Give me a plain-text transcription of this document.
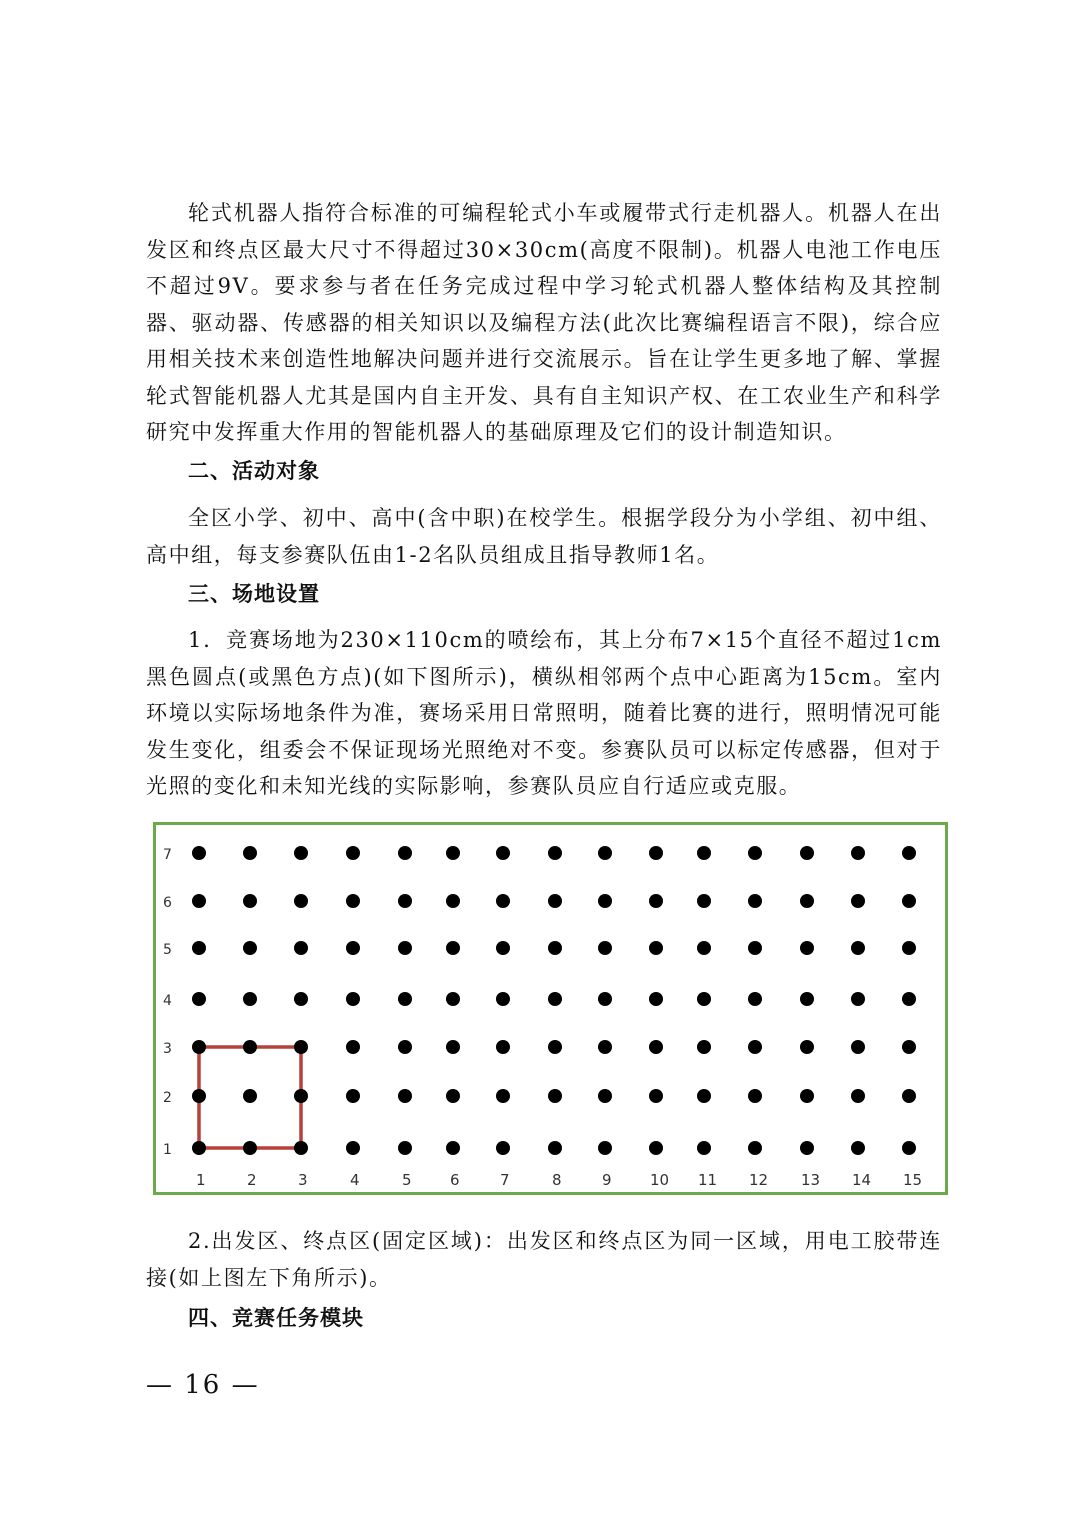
轮式机器人指符合标准的可编程轮式小车或履带式行走机器人。机器人在出发区和终点区最大尺寸不得超过30×30cm(高度不限制)。机器人电池工作电压不超过9V。要求参与者在任务完成过程中学习轮式机器人整体结构及其控制器、驱动器、传感器的相关知识以及编程方法(此次比赛编程语言不限)，综合应用相关技术来创造性地解决问题并进行交流展示。旨在让学生更多地了解、掌握轮式智能机器人尤其是国内自主开发、具有自主知识产权、在工农业生产和科学研究中发挥重大作用的智能机器人的基础原理及它们的设计制造知识。

二、活动对象

全区小学、初中、高中(含中职)在校学生。根据学段分为小学组、初中组、高中组，每支参赛队伍由1-2名队员组成且指导教师1名。

三、场地设置

1．竞赛场地为230×110cm的喷绘布，其上分布7×15个直径不超过1cm黑色圆点(或黑色方点)(如下图所示)，横纵相邻两个点中心距离为15cm。室内环境以实际场地条件为准，赛场采用日常照明，随着比赛的进行，照明情况可能发生变化，组委会不保证现场光照绝对不变。参赛队员可以标定传感器，但对于光照的变化和未知光线的实际影响，参赛队员应自行适应或克服。

1
2
3
4
5
6
7
1	2	3	4	5	6	7	8	9	10 11 12 13 14 15

2.出发区、终点区(固定区域)：出发区和终点区为同一区域，用电工胶带连接(如上图左下角所示)。

四、竞赛任务模块

— 16 —
